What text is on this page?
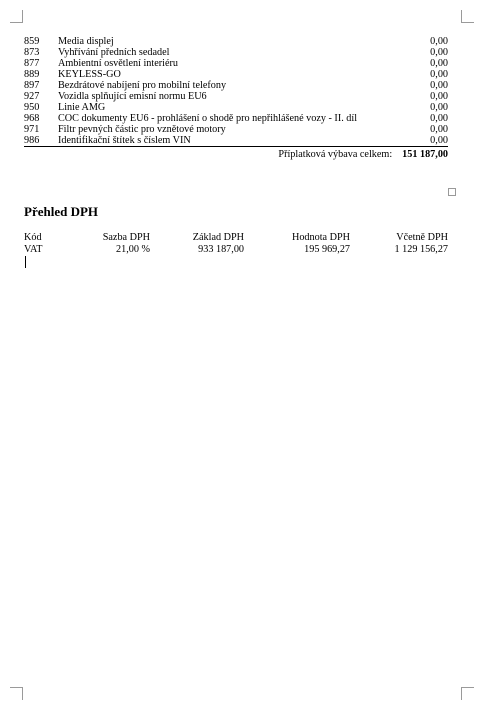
859	Media displej	0,00
873	Vyhřívání předních sedadel	0,00
877	Ambientní osvětlení interiéru	0,00
889	KEYLESS-GO	0,00
897	Bezdrátové nabíjení pro mobilní telefony	0,00
927	Vozidla splňující emisní normu EU6	0,00
950	Linie AMG	0,00
968	COC dokumenty EU6 - prohlášení o shodě pro nepřihlášené vozy - II. díl	0,00
971	Filtr pevných částic pro vznětové motory	0,00
986	Identifikační štítek s číslem VIN	0,00
Příplatková výbava celkem: 151 187,00
Přehled DPH
Kód	Sazba DPH	Základ DPH	Hodnota DPH	Včetně DPH
VAT	21,00 %	933 187,00	195 969,27	1 129 156,27
